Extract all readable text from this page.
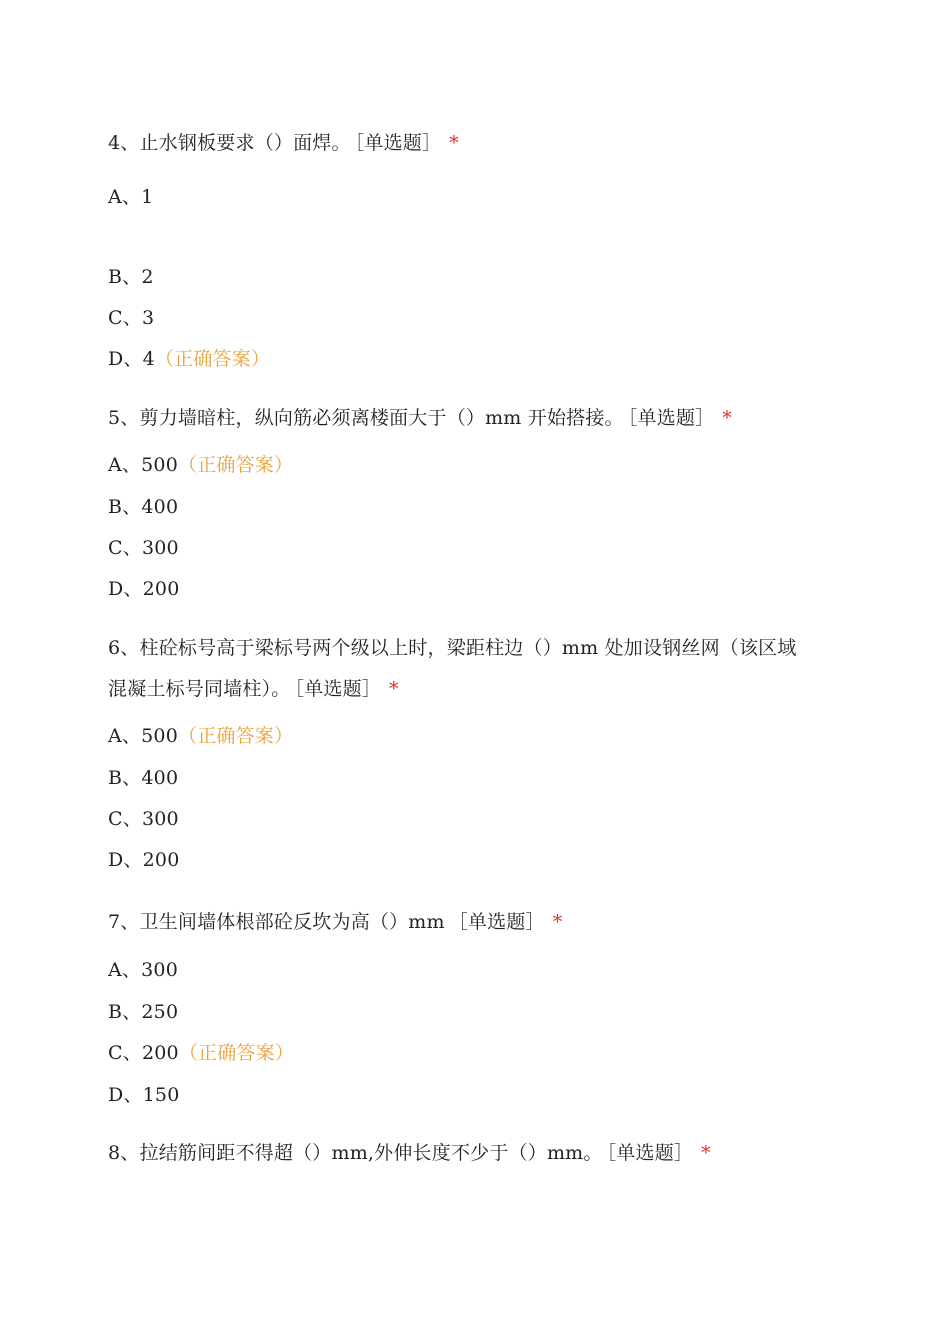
4、止水钢板要求（）面焊。 ［单选题］ *
A、1
B、2
C、3
D、4（正确答案）
5、剪力墙暗柱，纵向筋必须离楼面大于（）mm 开始搭接。 ［单选题］ *
A、500（正确答案）
B、400
C、300
D、200
6、柱砼标号高于梁标号两个级以上时，梁距柱边（）mm 处加设钢丝网（该区域
混凝土标号同墙柱）。 ［单选题］ *
A、500（正确答案）
B、400
C、300
D、200
7、卫生间墙体根部砼反坎为高（）mm ［单选题］ *
A、300
B、250
C、200（正确答案）
D、150
8、拉结筋间距不得超（）mm,外伸长度不少于（）mm。 ［单选题］ *
